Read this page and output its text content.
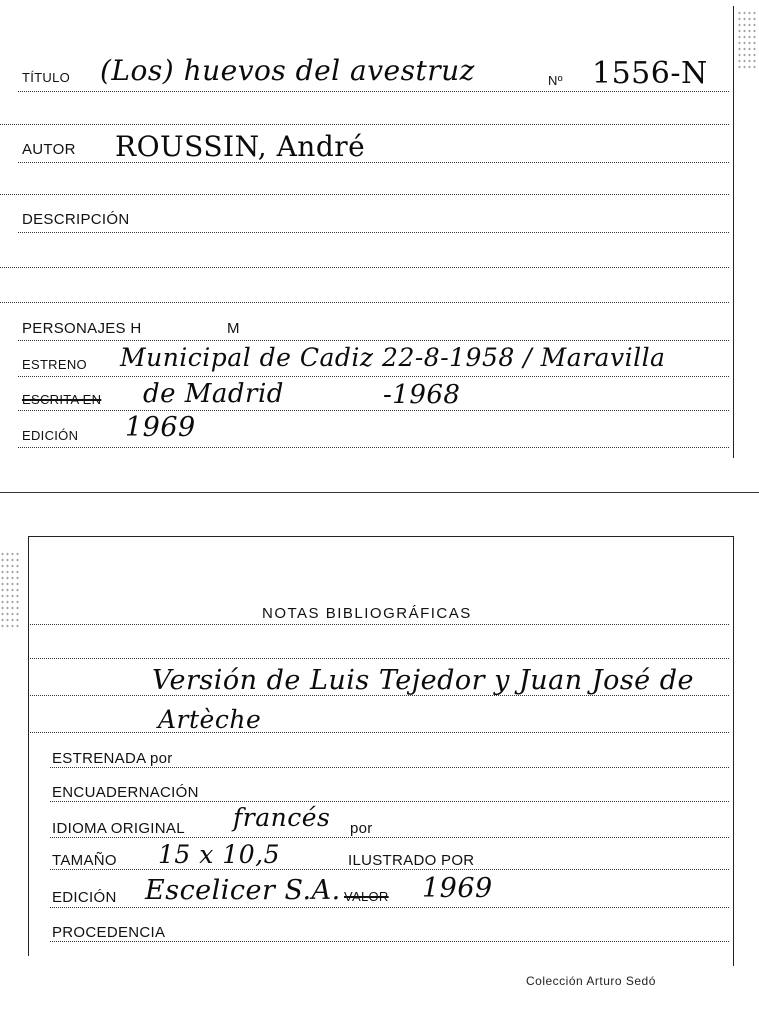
TÍTULO (Los) huevos del avestruz	Nº 1556-N
AUTOR ROUSSIN, André
DESCRIPCIÓN
PERSONAJES H	M
ESTRENO Municipal de Cadiz 22-8-1958 / Maravilla
ESCRITA EN de Madrid	-1968
EDICIÓN 1969
NOTAS BIBLIOGRÁFICAS
Versión de Luis Tejedor y Juan José de
Artèche
ESTRENADA por
ENCUADERNACIÓN
IDIOMA ORIGINAL francés por
TAMAÑO 15 x 10,5	ILUSTRADO POR
EDICIÓN Escelicer S.A. VALOR 1969
PROCEDENCIA
Colección Arturo Sedó
